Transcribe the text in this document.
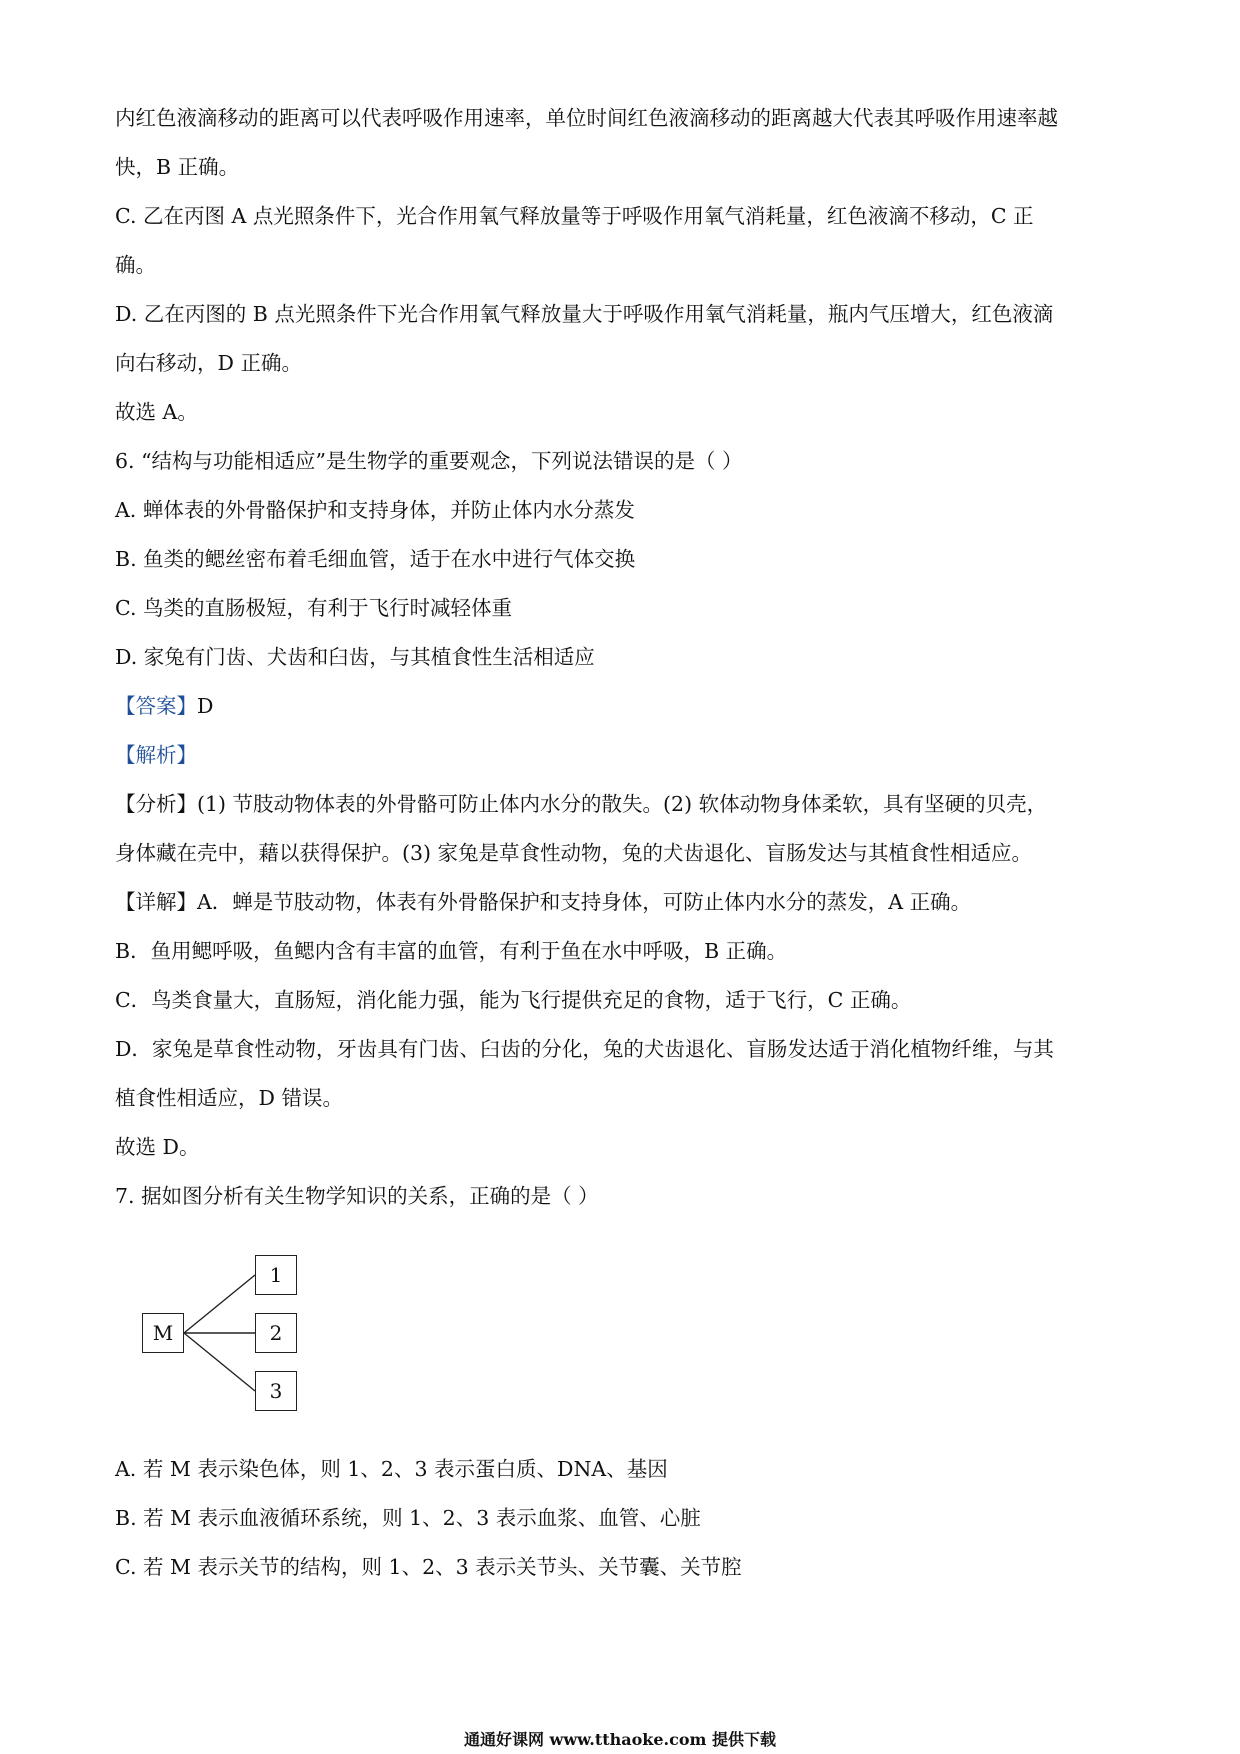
内红色液滴移动的距离可以代表呼吸作用速率，单位时间红色液滴移动的距离越大代表其呼吸作用速率越
快，B 正确。
C. 乙在丙图 A 点光照条件下，光合作用氧气释放量等于呼吸作用氧气消耗量，红色液滴不移动，C 正
确。
D. 乙在丙图的 B 点光照条件下光合作用氧气释放量大于呼吸作用氧气消耗量，瓶内气压增大，红色液滴
向右移动，D 正确。
故选 A。
6. “结构与功能相适应”是生物学的重要观念，下列说法错误的是（ ）
A. 蝉体表的外骨骼保护和支持身体，并防止体内水分蒸发
B. 鱼类的鳃丝密布着毛细血管，适于在水中进行气体交换
C. 鸟类的直肠极短，有利于飞行时减轻体重
D. 家兔有门齿、犬齿和臼齿，与其植食性生活相适应
【答案】D
【解析】
【分析】(1) 节肢动物体表的外骨骼可防止体内水分的散失。(2) 软体动物身体柔软，具有坚硬的贝壳，
身体藏在壳中，藉以获得保护。(3) 家兔是草食性动物，兔的犬齿退化、盲肠发达与其植食性相适应。
【详解】A．蝉是节肢动物，体表有外骨骼保护和支持身体，可防止体内水分的蒸发，A 正确。
B．鱼用鳃呼吸，鱼鳃内含有丰富的血管，有利于鱼在水中呼吸，B 正确。
C．鸟类食量大，直肠短，消化能力强，能为飞行提供充足的食物，适于飞行，C 正确。
D．家兔是草食性动物，牙齿具有门齿、臼齿的分化，兔的犬齿退化、盲肠发达适于消化植物纤维，与其
植食性相适应，D 错误。
故选 D。
7. 据如图分析有关生物学知识的关系，正确的是（ ）
M
1
2
3
A. 若 M 表示染色体，则 1、2、3 表示蛋白质、DNA、基因
B. 若 M 表示血液循环系统，则 1、2、3 表示血浆、血管、心脏
C. 若 M 表示关节的结构，则 1、2、3 表示关节头、关节囊、关节腔
通通好课网 www.tthaoke.com 提供下载
